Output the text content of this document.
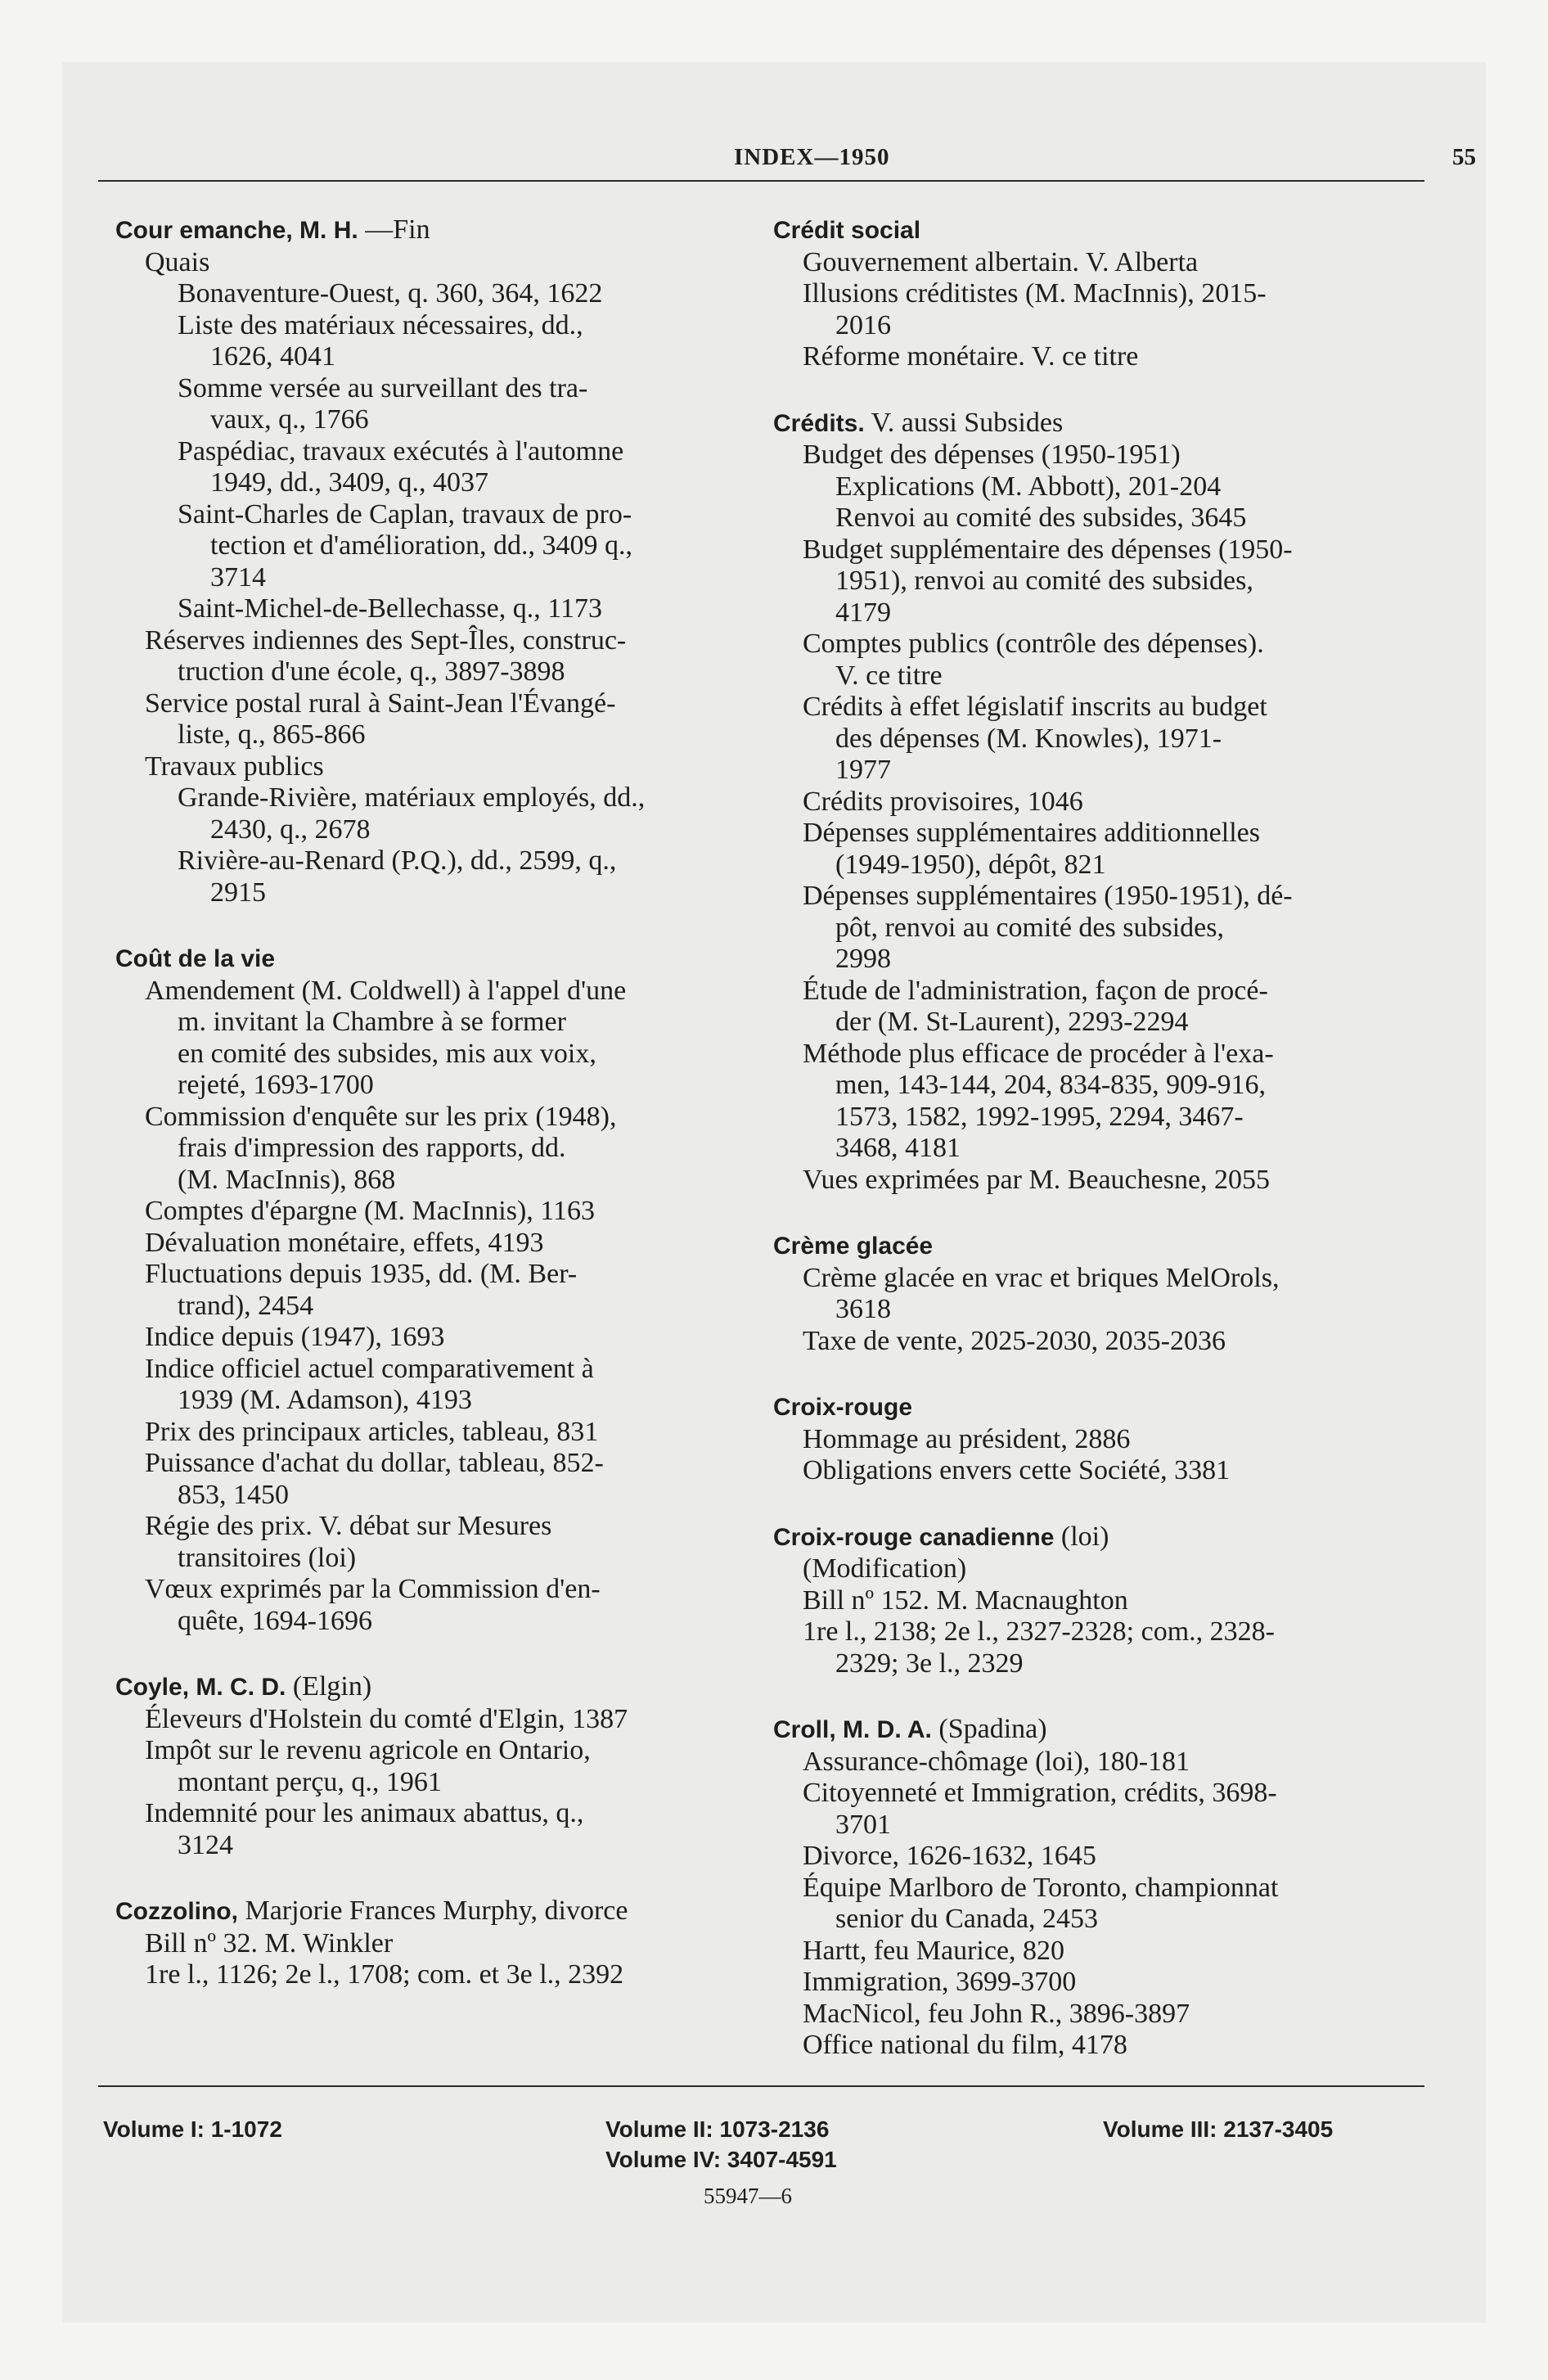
INDEX—1950	55
Cour emanche, M. H. —Fin
Quais
Bonaventure-Ouest, q. 360, 364, 1622
Liste des matériaux nécessaires, dd.,
1626, 4041
Somme versée au surveillant des tra-
vaux, q., 1766
Paspédiac, travaux exécutés à l'automne
1949, dd., 3409, q., 4037
Saint-Charles de Caplan, travaux de pro-
tection et d'amélioration, dd., 3409 q.,
3714
Saint-Michel-de-Bellechasse, q., 1173
Réserves indiennes des Sept-Îles, construc-
truction d'une école, q., 3897-3898
Service postal rural à Saint-Jean l'Évangé-
liste, q., 865-866
Travaux publics
Grande-Rivière, matériaux employés, dd.,
2430, q., 2678
Rivière-au-Renard (P.Q.), dd., 2599, q.,
2915
Coût de la vie
Amendement (M. Coldwell) à l'appel d'une
m. invitant la Chambre à se former
en comité des subsides, mis aux voix,
rejeté, 1693-1700
Commission d'enquête sur les prix (1948),
frais d'impression des rapports, dd.
(M. MacInnis), 868
Comptes d'épargne (M. MacInnis), 1163
Dévaluation monétaire, effets, 4193
Fluctuations depuis 1935, dd. (M. Ber-
trand), 2454
Indice depuis (1947), 1693
Indice officiel actuel comparativement à
1939 (M. Adamson), 4193
Prix des principaux articles, tableau, 831
Puissance d'achat du dollar, tableau, 852-
853, 1450
Régie des prix. V. débat sur Mesures
transitoires (loi)
Vœux exprimés par la Commission d'en-
quête, 1694-1696
Coyle, M. C. D. (Elgin)
Éleveurs d'Holstein du comté d'Elgin, 1387
Impôt sur le revenu agricole en Ontario,
montant perçu, q., 1961
Indemnité pour les animaux abattus, q.,
3124
Cozzolino, Marjorie Frances Murphy, divorce
Bill nº 32. M. Winkler
1re l., 1126; 2e l., 1708; com. et 3e l., 2392
Crédit social
Gouvernement albertain. V. Alberta
Illusions créditistes (M. MacInnis), 2015-
2016
Réforme monétaire. V. ce titre
Crédits. V. aussi Subsides
Budget des dépenses (1950-1951)
Explications (M. Abbott), 201-204
Renvoi au comité des subsides, 3645
Budget supplémentaire des dépenses (1950-
1951), renvoi au comité des subsides,
4179
Comptes publics (contrôle des dépenses).
V. ce titre
Crédits à effet législatif inscrits au budget
des dépenses (M. Knowles), 1971-
1977
Crédits provisoires, 1046
Dépenses supplémentaires additionnelles
(1949-1950), dépôt, 821
Dépenses supplémentaires (1950-1951), dé-
pôt, renvoi au comité des subsides,
2998
Étude de l'administration, façon de procé-
der (M. St-Laurent), 2293-2294
Méthode plus efficace de procéder à l'exa-
men, 143-144, 204, 834-835, 909-916,
1573, 1582, 1992-1995, 2294, 3467-
3468, 4181
Vues exprimées par M. Beauchesne, 2055
Crème glacée
Crème glacée en vrac et briques MelOrols,
3618
Taxe de vente, 2025-2030, 2035-2036
Croix-rouge
Hommage au président, 2886
Obligations envers cette Société, 3381
Croix-rouge canadienne (loi)
(Modification)
Bill nº 152. M. Macnaughton
1re l., 2138; 2e l., 2327-2328; com., 2328-
2329; 3e l., 2329
Croll, M. D. A. (Spadina)
Assurance-chômage (loi), 180-181
Citoyenneté et Immigration, crédits, 3698-
3701
Divorce, 1626-1632, 1645
Équipe Marlboro de Toronto, championnat
senior du Canada, 2453
Hartt, feu Maurice, 820
Immigration, 3699-3700
MacNicol, feu John R., 3896-3897
Office national du film, 4178
Volume I: 1-1072	Volume II: 1073-2136	Volume III: 2137-3405
Volume IV: 3407-4591
55947—6
